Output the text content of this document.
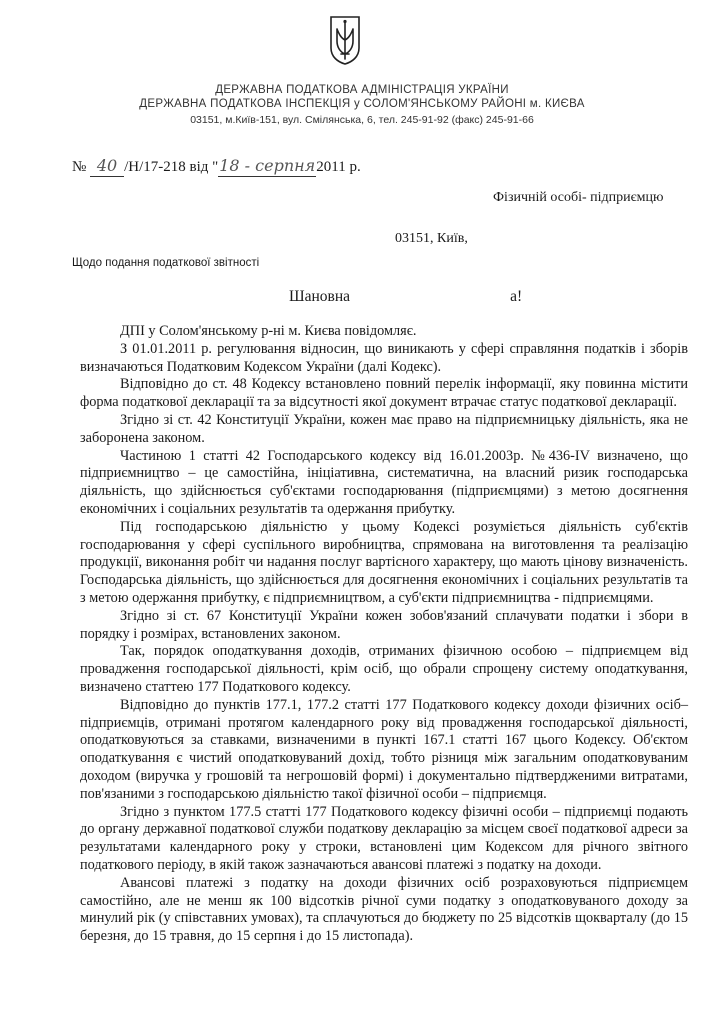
ДЕРЖАВНА ПОДАТКОВА АДМІНІСТРАЦІЯ УКРАЇНИ
ДЕРЖАВНА ПОДАТКОВА ІНСПЕКЦІЯ у СОЛОМ'ЯНСЬКОМУ РАЙОНІ м. КИЄВА
03151, м.Київ-151, вул. Смілянська, 6, тел. 245-91-92 (факс) 245-91-66
№ 40 /Н/17-218 від "18 - серпня2011 р.
Фізичній особі- підприємцю
03151, Київ,
Щодо подання податкової звітності
Шановна	а!

ДПІ у Солом'янському р-ні м. Києва повідомляє.

З 01.01.2011 р. регулювання відносин, що виникають у сфері справляння податків і зборів визначаються Податковим Кодексом України (далі Кодекс).

Відповідно до ст. 48 Кодексу встановлено повний перелік інформації, яку повинна містити форма податкової декларації та за відсутності якої документ втрачає статус податкової декларації.

Згідно зі ст. 42 Конституції України, кожен має право на підприємницьку діяльність, яка не заборонена законом.

Частиною 1 статті 42 Господарського кодексу від 16.01.2003р. №436-IV визначено, що підприємництво – це самостійна, ініціативна, систематична, на власний ризик господарська діяльність, що здійснюється суб'єктами господарювання (підприємцями) з метою досягнення економічних і соціальних результатів та одержання прибутку.

Під господарською діяльністю у цьому Кодексі розуміється діяльність суб'єктів господарювання у сфері суспільного виробництва, спрямована на виготовлення та реалізацію продукції, виконання робіт чи надання послуг вартісного характеру, що мають цінову визначеність. Господарська діяльність, що здійснюється для досягнення економічних і соціальних результатів та з метою одержання прибутку, є підприємництвом, а суб'єкти підприємництва - підприємцями.

Згідно зі ст. 67 Конституції України кожен зобов'язаний сплачувати податки і збори в порядку і розмірах, встановлених законом.

Так, порядок оподаткування доходів, отриманих фізичною особою – підприємцем від провадження господарської діяльності, крім осіб, що обрали спрощену систему оподаткування, визначено статтею 177 Податкового кодексу.

Відповідно до пунктів 177.1, 177.2 статті 177 Податкового кодексу доходи фізичних осіб– підприємців, отримані протягом календарного року від провадження господарської діяльності, оподатковуються за ставками, визначеними в пункті 167.1 статті 167 цього Кодексу. Об'єктом оподаткування є чистий оподатковуваний дохід, тобто різниця між загальним оподатковуваним доходом (виручка у грошовій та негрошовій формі) і документально підтвердженими витратами, пов'язаними з господарською діяльністю такої фізичної особи – підприємця.

Згідно з пунктом 177.5 статті 177 Податкового кодексу фізичні особи – підприємці подають до органу державної податкової служби податкову декларацію за місцем своєї податкової адреси за результатами календарного року у строки, встановлені цим Кодексом для річного звітного податкового періоду, в якій також зазначаються авансові платежі з податку на доходи.

Авансові платежі з податку на доходи фізичних осіб розраховуються підприємцем самостійно, але не менш як 100 відсотків річної суми податку з оподатковуваного доходу за минулий рік (у співставних умовах), та сплачуються до бюджету по 25 відсотків щокварталу (до 15 березня, до 15 травня, до 15 серпня і до 15 листопада).
